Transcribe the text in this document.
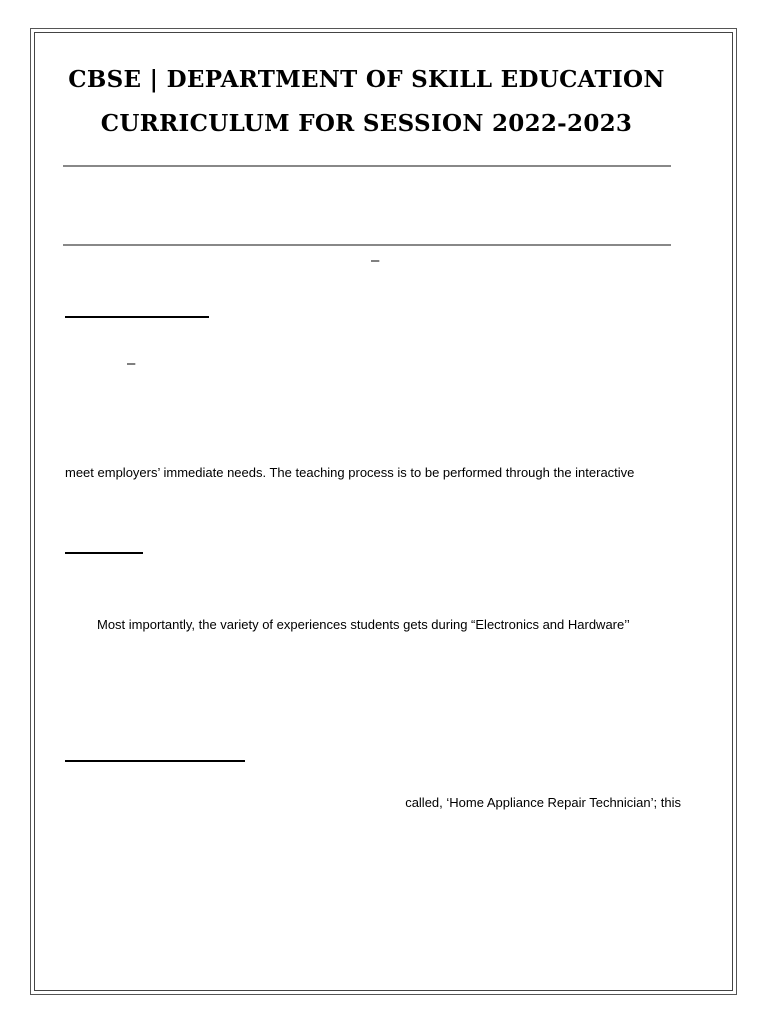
CBSE | DEPARTMENT OF SKILL EDUCATION
CURRICULUM FOR SESSION 2022-2023
–
–
meet employers’ immediate needs. The teaching process is to be performed through the interactive
Most importantly, the variety of experiences students gets during “Electronics and Hardware’’
called, ‘Home Appliance Repair Technician’; this
